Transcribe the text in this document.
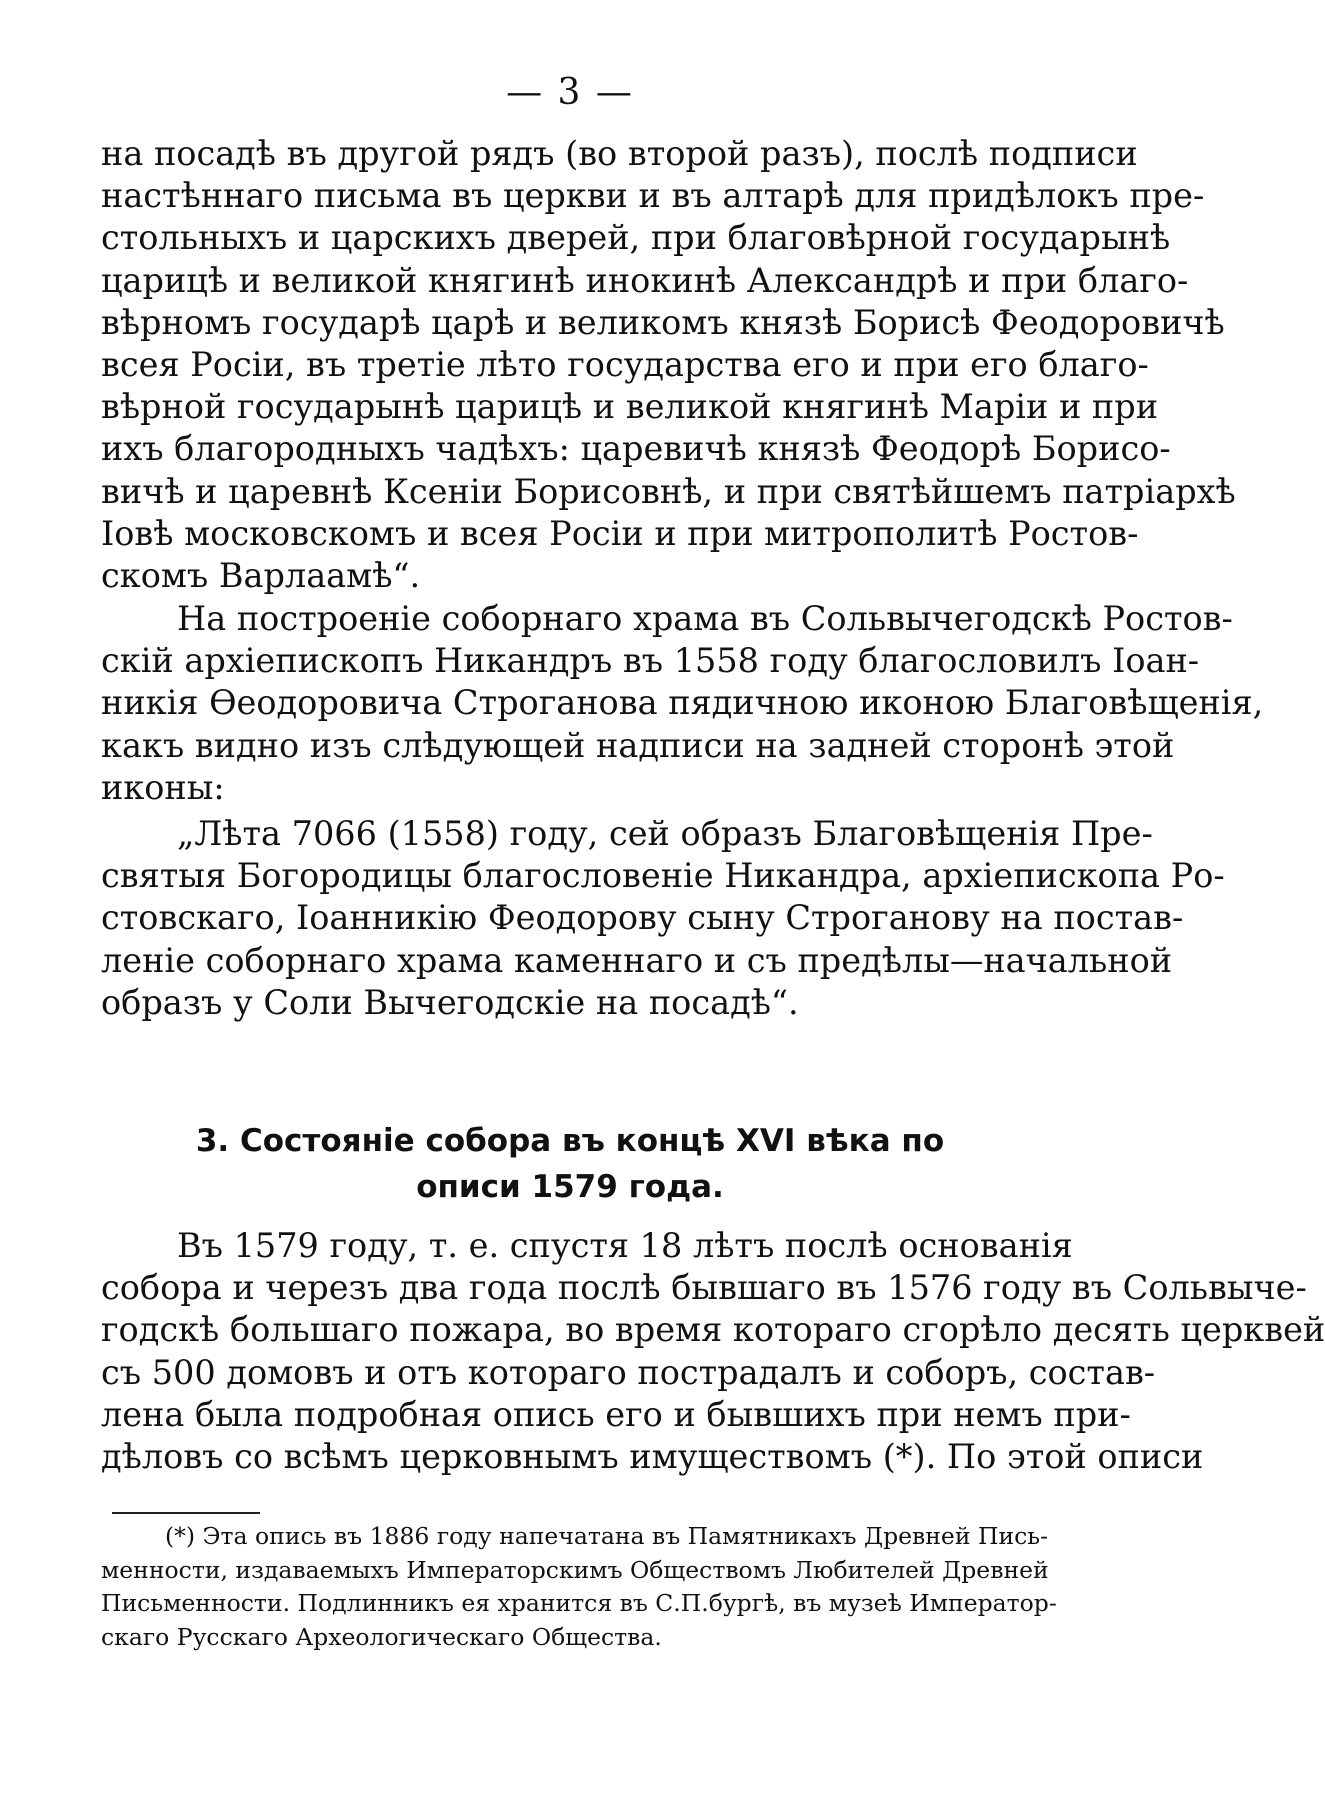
— 3 —
на посадѣ въ другой рядъ (во второй разъ), послѣ подписи
настѣннаго письма въ церкви и въ алтарѣ для придѣлокъ пре-
стольныхъ и царскихъ дверей, при благовѣрной государынѣ
царицѣ и великой княгинѣ инокинѣ Александрѣ и при благо-
вѣрномъ государѣ царѣ и великомъ князѣ Борисѣ Феодоровичѣ
всея Росіи, въ третіе лѣто государства его и при его благо-
вѣрной государынѣ царицѣ и великой княгинѣ Маріи и при
ихъ благородныхъ чадѣхъ: царевичѣ князѣ Феодорѣ Борисо-
вичѣ и царевнѣ Ксеніи Борисовнѣ, и при святѣйшемъ патріархѣ
Іовѣ московскомъ и всея Росіи и при митрополитѣ Ростов-
скомъ Варлаамѣ“.
На построеніе соборнаго храма въ Сольвычегодскѣ Ростов-
скій архіепископъ Никандръ въ 1558 году благословилъ Іоан-
никія Өеодоровича Строганова пядичною иконою Благовѣщенія,
какъ видно изъ слѣдующей надписи на задней сторонѣ этой
иконы:
„Лѣта 7066 (1558) году, сей образъ Благовѣщенія Пре-
святыя Богородицы благословеніе Никандра, архіепископа Ро-
стовскаго, Іоанникію Феодорову сыну Строганову на постав-
леніе соборнаго храма каменнаго и съ предѣлы—начальной
образъ у Соли Вычегодскіе на посадѣ“.
3. Состояніе собора въ концѣ XVI вѣка по
описи 1579 года.
Въ 1579 году, т. е. спустя 18 лѣтъ послѣ основанія
собора и черезъ два года послѣ бывшаго въ 1576 году въ Сольвыче-
годскѣ большаго пожара, во время котораго сгорѣло десять церквей
съ 500 домовъ и отъ котораго пострадалъ и соборъ, состав-
лена была подробная опись его и бывшихъ при немъ при-
дѣловъ со всѣмъ церковнымъ имуществомъ (*). По этой описи
(*) Эта опись въ 1886 году напечатана въ Памятникахъ Древней Пись-
менности, издаваемыхъ Императорскимъ Обществомъ Любителей Древней
Письменности. Подлинникъ ея хранится въ С.П.бургѣ, въ музеѣ Император-
скаго Русскаго Археологическаго Общества.
